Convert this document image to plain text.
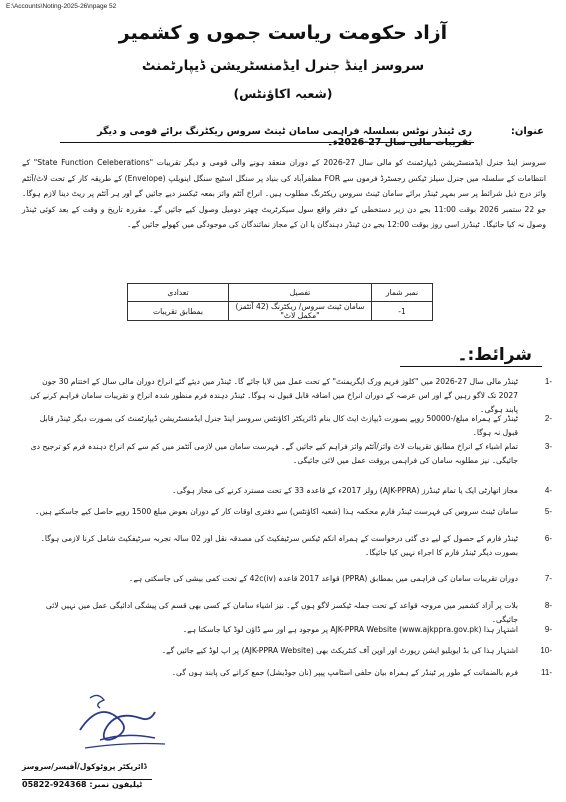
E:\Accounts\Noting-2025-26\npage 52
آزاد حکومت ریاست جموں و کشمیر
سروسز اینڈ جنرل ایڈمنسٹریشن ڈیپارٹمنٹ
(شعبہ اکاؤنٹس)
عنوان:
ری ٹینڈر نوٹس بسلسلہ فراہمی سامان ٹینٹ سروس ریکٹرنگ برائے قومی و دیگر تقریبات مالی سال 27-2026ء۔
سروسز اینڈ جنرل ایڈمنسٹریشن ڈیپارٹمنٹ کو مالی سال 27-2026 کے دوران منعقد ہونے والی قومی و دیگر تقریبات "State Function Celeberations" کے انتظامات کے سلسلہ میں جنرل سیلز ٹیکس رجسٹرڈ فرموں سے FOR مظفرآباد کی بنیاد پر سنگل اسٹیج سنگل اینویلپ (Envelope) کے طریقہ کار کے تحت لاٹ/آئٹم وائز درج ذیل شرائط پر سر بمہر ٹینڈر برائے سامان ٹینٹ سروس ریکٹرنگ مطلوب ہیں۔ انراخ آئٹم وائز بمعہ ٹیکسز دیے جائیں گے اور ہر آئٹم پر ریٹ دینا لازم ہوگا۔ جو 22 ستمبر 2026 بوقت 11:00 بجے دن زیر دستخطی کے دفتر واقع سول سیکرٹریٹ چھتر دومیل وصول کیے جائیں گے۔ مقررہ تاریخ و وقت کے بعد کوئی ٹینڈر وصول نہ کیا جائیگا۔ ٹینڈرز اسی روز بوقت 12:00 بجے دن ٹینڈر دہندگان یا ان کے مجاز نمائندگان کی موجودگی میں کھولے جائیں گے۔
نمبر شمار	تفصیل	تعدادی
1-	سامان ٹینٹ سروس/ ریکٹرنگ (42 آئٹمز) "مکمل لاٹ"	بمطابق تقریبات
شرائط:۔
-1
ٹینڈر مالی سال 27-2026 میں "کلوز فریم ورک ایگریمنٹ" کے تحت عمل میں لایا جائے گا۔ ٹینڈر میں دیئے گئے انراخ دوران مالی سال کے اختتام 30 جون 2027 تک لاگو رہیں گے اور اس عرصہ کے دوران انراخ میں اضافہ قابل قبول نہ ہوگا۔ ٹینڈر دہندہ فرم منظور شدہ انراخ و تقریبات سامان فراہم کرنے کی پابند ہوگی۔
-2
ٹینڈر کے ہمراہ مبلغ/-50000 روپے بصورت ڈیپازٹ ایٹ کال بنام ڈائریکٹر اکاؤنٹس سروسز اینڈ جنرل ایڈمنسٹریشن ڈیپارٹمنٹ کی بصورت دیگر ٹینڈر قابل قبول نہ ہوگا۔
-3
تمام اشیاء کے انراخ مطابق تقریبات لاٹ وائز/آئٹم وائز فراہم کیے جائیں گے۔ فہرست سامان میں لازمی آئٹمز میں کم سے کم انراخ دہندہ فرم کو ترجیح دی جائیگی۔ نیز مطلوبہ سامان کی فراہمی بروقت عمل میں لائی جائیگی۔
-4
مجاز اتھارٹی ایک یا تمام ٹینڈرز (AJK-PPRA) رولز 2017ء کے قاعدہ 33 کے تحت مسترد کرنے کی مجاز ہوگی۔
-5
سامان ٹینٹ سروس کی فہرست ٹینڈر فارم محکمہ ہذا (شعبہ اکاؤنٹس) سے دفتری اوقات کار کے دوران بعوض مبلغ 1500 روپے حاصل کیے جاسکتے ہیں۔
-6
ٹینڈر فارم کے حصول کے لیے دی گئی درخواست کے ہمراہ انکم ٹیکس سرٹیفکیٹ کی مصدقہ نقل اور 02 سالہ تجربہ سرٹیفکیٹ شامل کرنا لازمی ہوگا۔ بصورت دیگر ٹینڈر فارم کا اجراء نہیں کیا جائیگا۔
-7
دوران تقریبات سامان کی فراہمی میں بمطابق (PPRA) قواعد 2017 قاعدہ 42c(iv) کے تحت کمی بیشی کی جاسکتی ہے۔
-8
بلات پر آزاد کشمیر میں مروجہ قواعد کے تحت جملہ ٹیکسز لاگو ہوں گے۔ نیز اشیاء سامان کے کسی بھی قسم کی پیشگی ادائیگی عمل میں نہیں لائی جائیگی۔
-9
اشتہار ہذا AJK-PPRA Website (www.ajkppra.gov.pk) پر موجود ہے اور سے ڈاؤن لوڈ کیا جاسکتا ہے۔
-10
اشتہار ہذا کی بڈ ایویلیو ایشن رپورٹ اور اوپن آف کنٹریکٹ بھی (AJK-PPRA Website) پر اپ لوڈ کیے جائیں گے۔
-11
فرم بالضمانت کے طور پر ٹینڈر کے ہمراہ بیان حلفی اسٹامپ پیپر (نان جوڈیشل) جمع کرانے کی پابند ہوں گی۔
ڈائریکٹر پروٹوکول/آفیسر/سروسز
ٹیلیفون نمبر: 924368-05822
